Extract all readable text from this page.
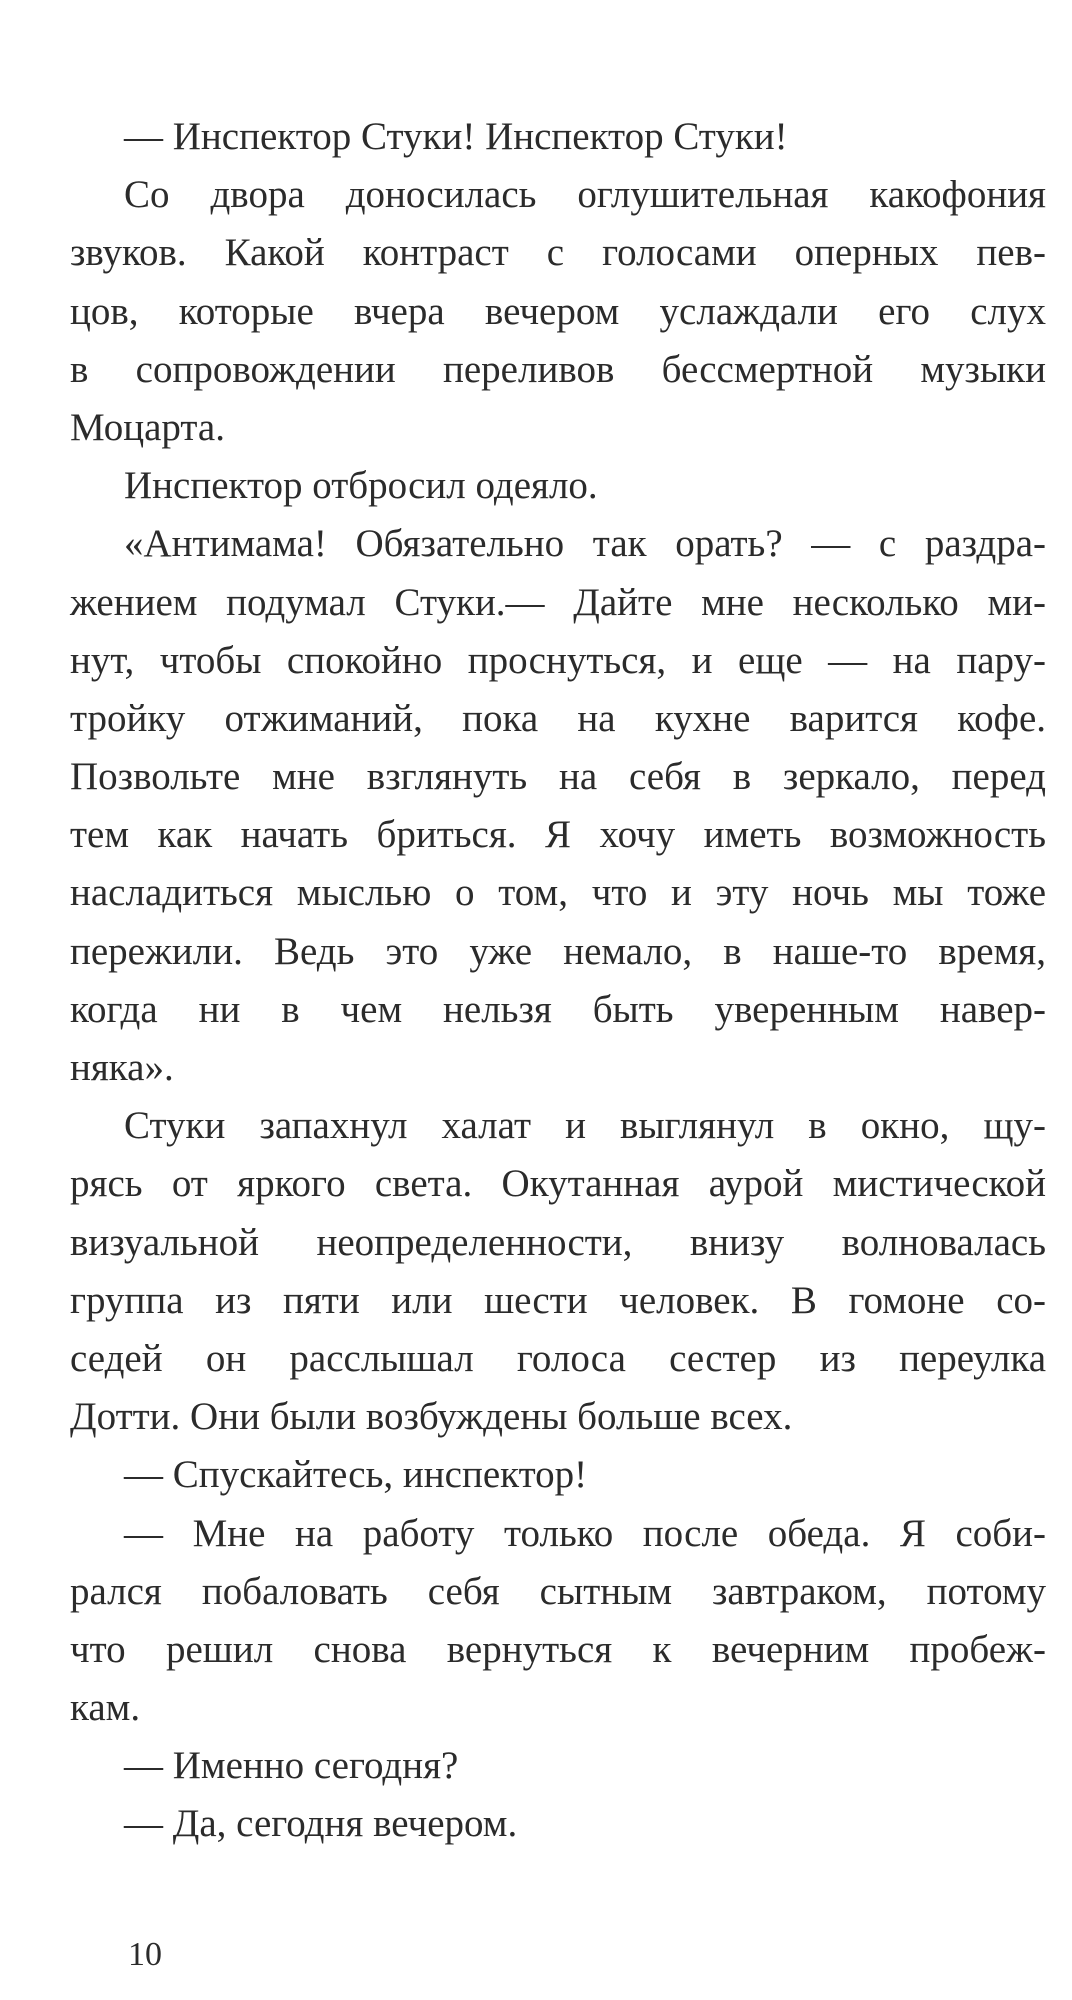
— Инспектор Стуки! Инспектор Стуки!
Со двора доносилась оглушительная какофония
звуков. Какой контраст с голосами оперных пев-
цов, которые вчера вечером услаждали его слух
в сопровождении переливов бессмертной музыки
Моцарта.
Инспектор отбросил одеяло.
«Антимама! Обязательно так орать? — с раздра-
жением подумал Стуки.— Дайте мне несколько ми-
нут, чтобы спокойно проснуться, и еще — на пару-
тройку отжиманий, пока на кухне варится кофе.
Позвольте мне взглянуть на себя в зеркало, перед
тем как начать бриться. Я хочу иметь возможность
насладиться мыслью о том, что и эту ночь мы тоже
пережили. Ведь это уже немало, в наше-то время,
когда ни в чем нельзя быть уверенным навер-
няка».
Стуки запахнул халат и выглянул в окно, щу-
рясь от яркого света. Окутанная аурой мистической
визуальной неопределенности, внизу волновалась
группа из пяти или шести человек. В гомоне со-
седей он расслышал голоса сестер из переулка
Дотти. Они были возбуждены больше всех.
— Спускайтесь, инспектор!
— Мне на работу только после обеда. Я соби-
рался побаловать себя сытным завтраком, потому
что решил снова вернуться к вечерним пробеж-
кам.
— Именно сегодня?
— Да, сегодня вечером.
10
